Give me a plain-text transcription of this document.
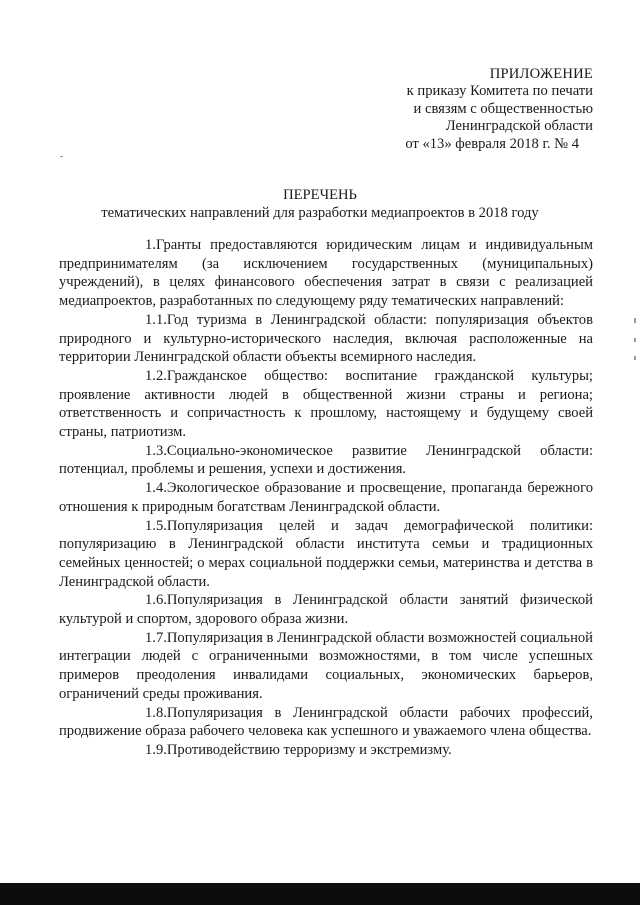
ПРИЛОЖЕНИЕ
к приказу Комитета по печати
и связям с общественностью
Ленинградской области
от «13» февраля 2018 г. № 4
ПЕРЕЧЕНЬ
тематических направлений для разработки медиапроектов в 2018 году

1.Гранты предоставляются юридическим лицам и индивидуальным предпринимателям (за исключением государственных (муниципальных) учреждений), в целях финансового обеспечения затрат в связи с реализацией медиапроектов, разработанных по следующему ряду тематических направлений:

1.1.Год туризма в Ленинградской области: популяризация объектов природного и культурно-исторического наследия, включая расположенные на территории Ленинградской области объекты всемирного наследия.

1.2.Гражданское общество: воспитание гражданской культуры; проявление активности людей в общественной жизни страны и региона; ответственность и сопричастность к прошлому, настоящему и будущему своей страны, патриотизм.

1.3.Социально-экономическое развитие Ленинградской области: потенциал, проблемы и решения, успехи и достижения.

1.4.Экологическое образование и просвещение, пропаганда бережного отношения к природным богатствам Ленинградской области.

1.5.Популяризация целей и задач демографической политики: популяризацию в Ленинградской области института семьи и традиционных семейных ценностей; о мерах социальной поддержки семьи, материнства и детства в Ленинградской области.

1.6.Популяризация в Ленинградской области занятий физической культурой и спортом, здорового образа жизни.

1.7.Популяризация в Ленинградской области возможностей социальной интеграции людей с ограниченными возможностями, в том числе успешных примеров преодоления инвалидами социальных, экономических барьеров, ограничений среды проживания.

1.8.Популяризация в Ленинградской области рабочих профессий, продвижение образа рабочего человека как успешного и уважаемого члена общества.

1.9.Противодействию терроризму и экстремизму.
